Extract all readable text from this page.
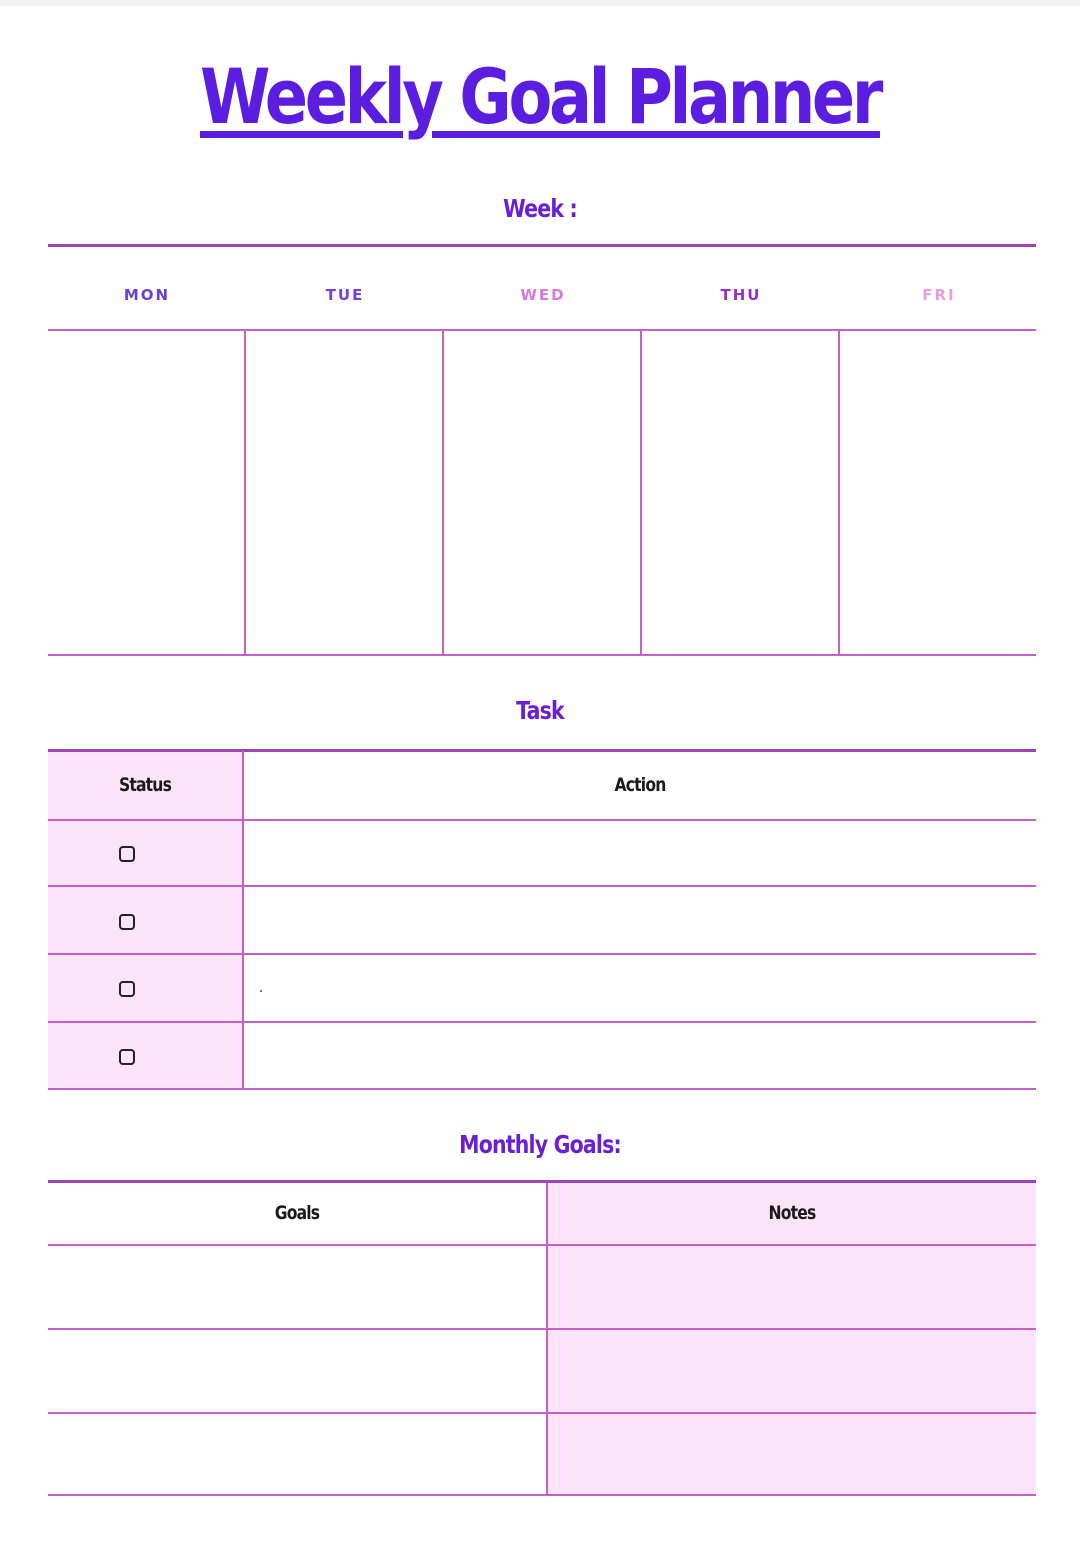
Weekly Goal Planner
Week :
MON	TUE	WED	THU	FRI
Task
Status	Action
Monthly Goals:
Goals	Notes
